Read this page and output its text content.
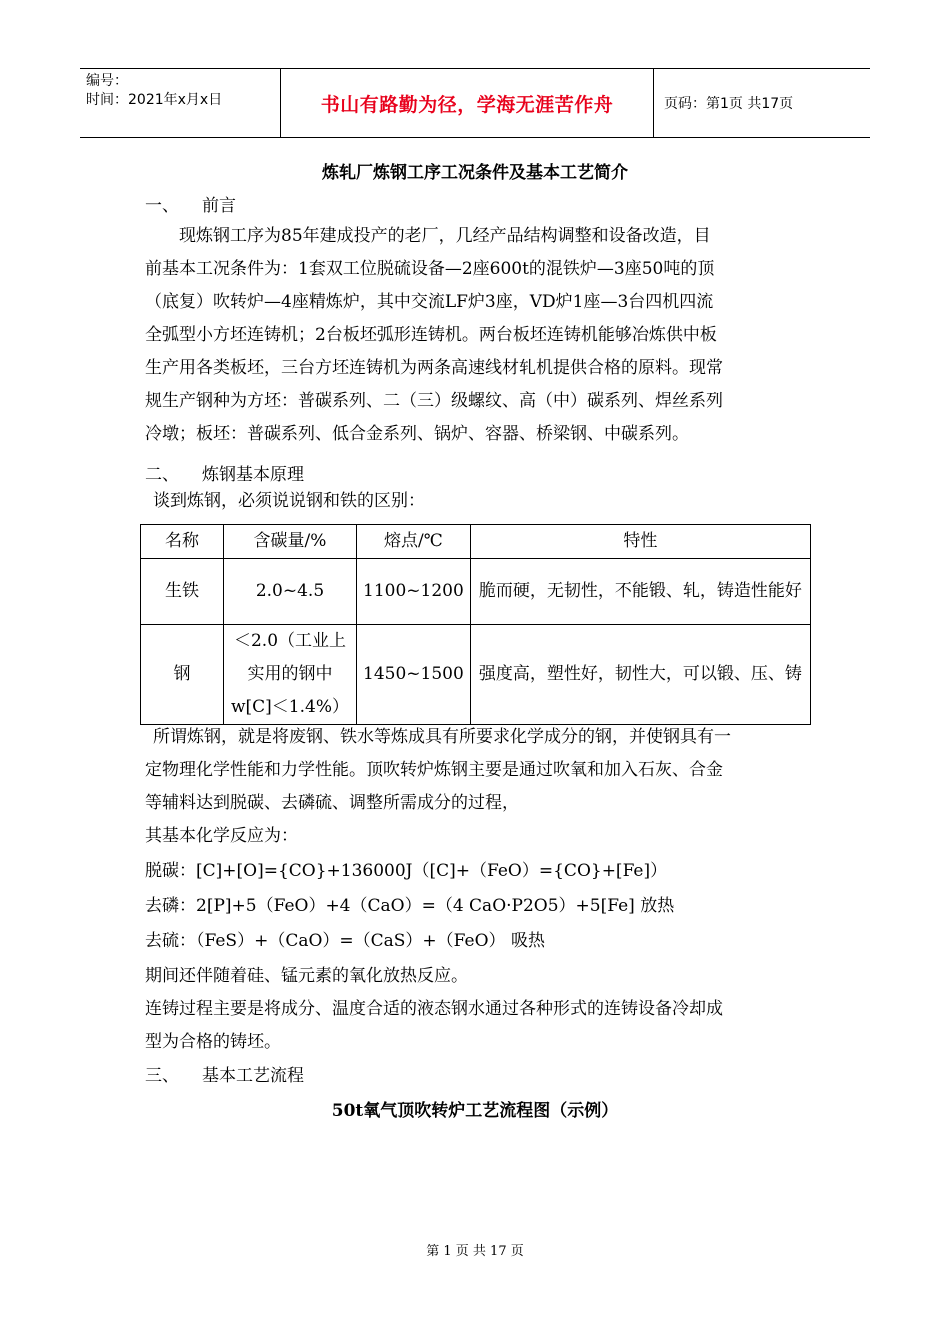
编号：
时间：2021年x月x日	书山有路勤为径，学海无涯苦作舟	页码：第1页 共17页
炼轧厂炼钢工序工况条件及基本工艺简介
一、 前言
　　现炼钢工序为85年建成投产的老厂，几经产品结构调整和设备改造，目
前基本工况条件为：1套双工位脱硫设备—2座600t的混铁炉—3座50吨的顶
（底复）吹转炉—4座精炼炉，其中交流LF炉3座，VD炉1座—3台四机四流
全弧型小方坯连铸机；2台板坯弧形连铸机。两台板坯连铸机能够冶炼供中板
生产用各类板坯，三台方坯连铸机为两条高速线材轧机提供合格的原料。现常
规生产钢种为方坯：普碳系列、二（三）级螺纹、高（中）碳系列、焊丝系列
冷墩；板坯：普碳系列、低合金系列、锅炉、容器、桥梁钢、中碳系列。
二、 炼钢基本原理
谈到炼钢，必须说说钢和铁的区别：
名称	含碳量/%	熔点/℃	特性
生铁	2.0~4.5	1100~1200	脆而硬，无韧性，不能锻、轧，铸造性能好
钢	＜2.0（工业上实用的钢中w[C]＜1.4%）	1450~1500	强度高，塑性好，韧性大，可以锻、压、铸
所谓炼钢，就是将废钢、铁水等炼成具有所要求化学成分的钢，并使钢具有一
定物理化学性能和力学性能。顶吹转炉炼钢主要是通过吹氧和加入石灰、合金
等辅料达到脱碳、去磷硫、调整所需成分的过程，
其基本化学反应为：
脱碳：[C]+[O]={CO}+136000J（[C]+（FeO）={CO}+[Fe]）
去磷：2[P]+5（FeO）+4（CaO）=（4 CaO·P2O5）+5[Fe] 放热
去硫：（FeS）+（CaO）=（CaS）+（FeO） 吸热
期间还伴随着硅、锰元素的氧化放热反应。
连铸过程主要是将成分、温度合适的液态钢水通过各种形式的连铸设备冷却成
型为合格的铸坯。
三、 基本工艺流程
50t氧气顶吹转炉工艺流程图（示例）
第 1 页 共 17 页
